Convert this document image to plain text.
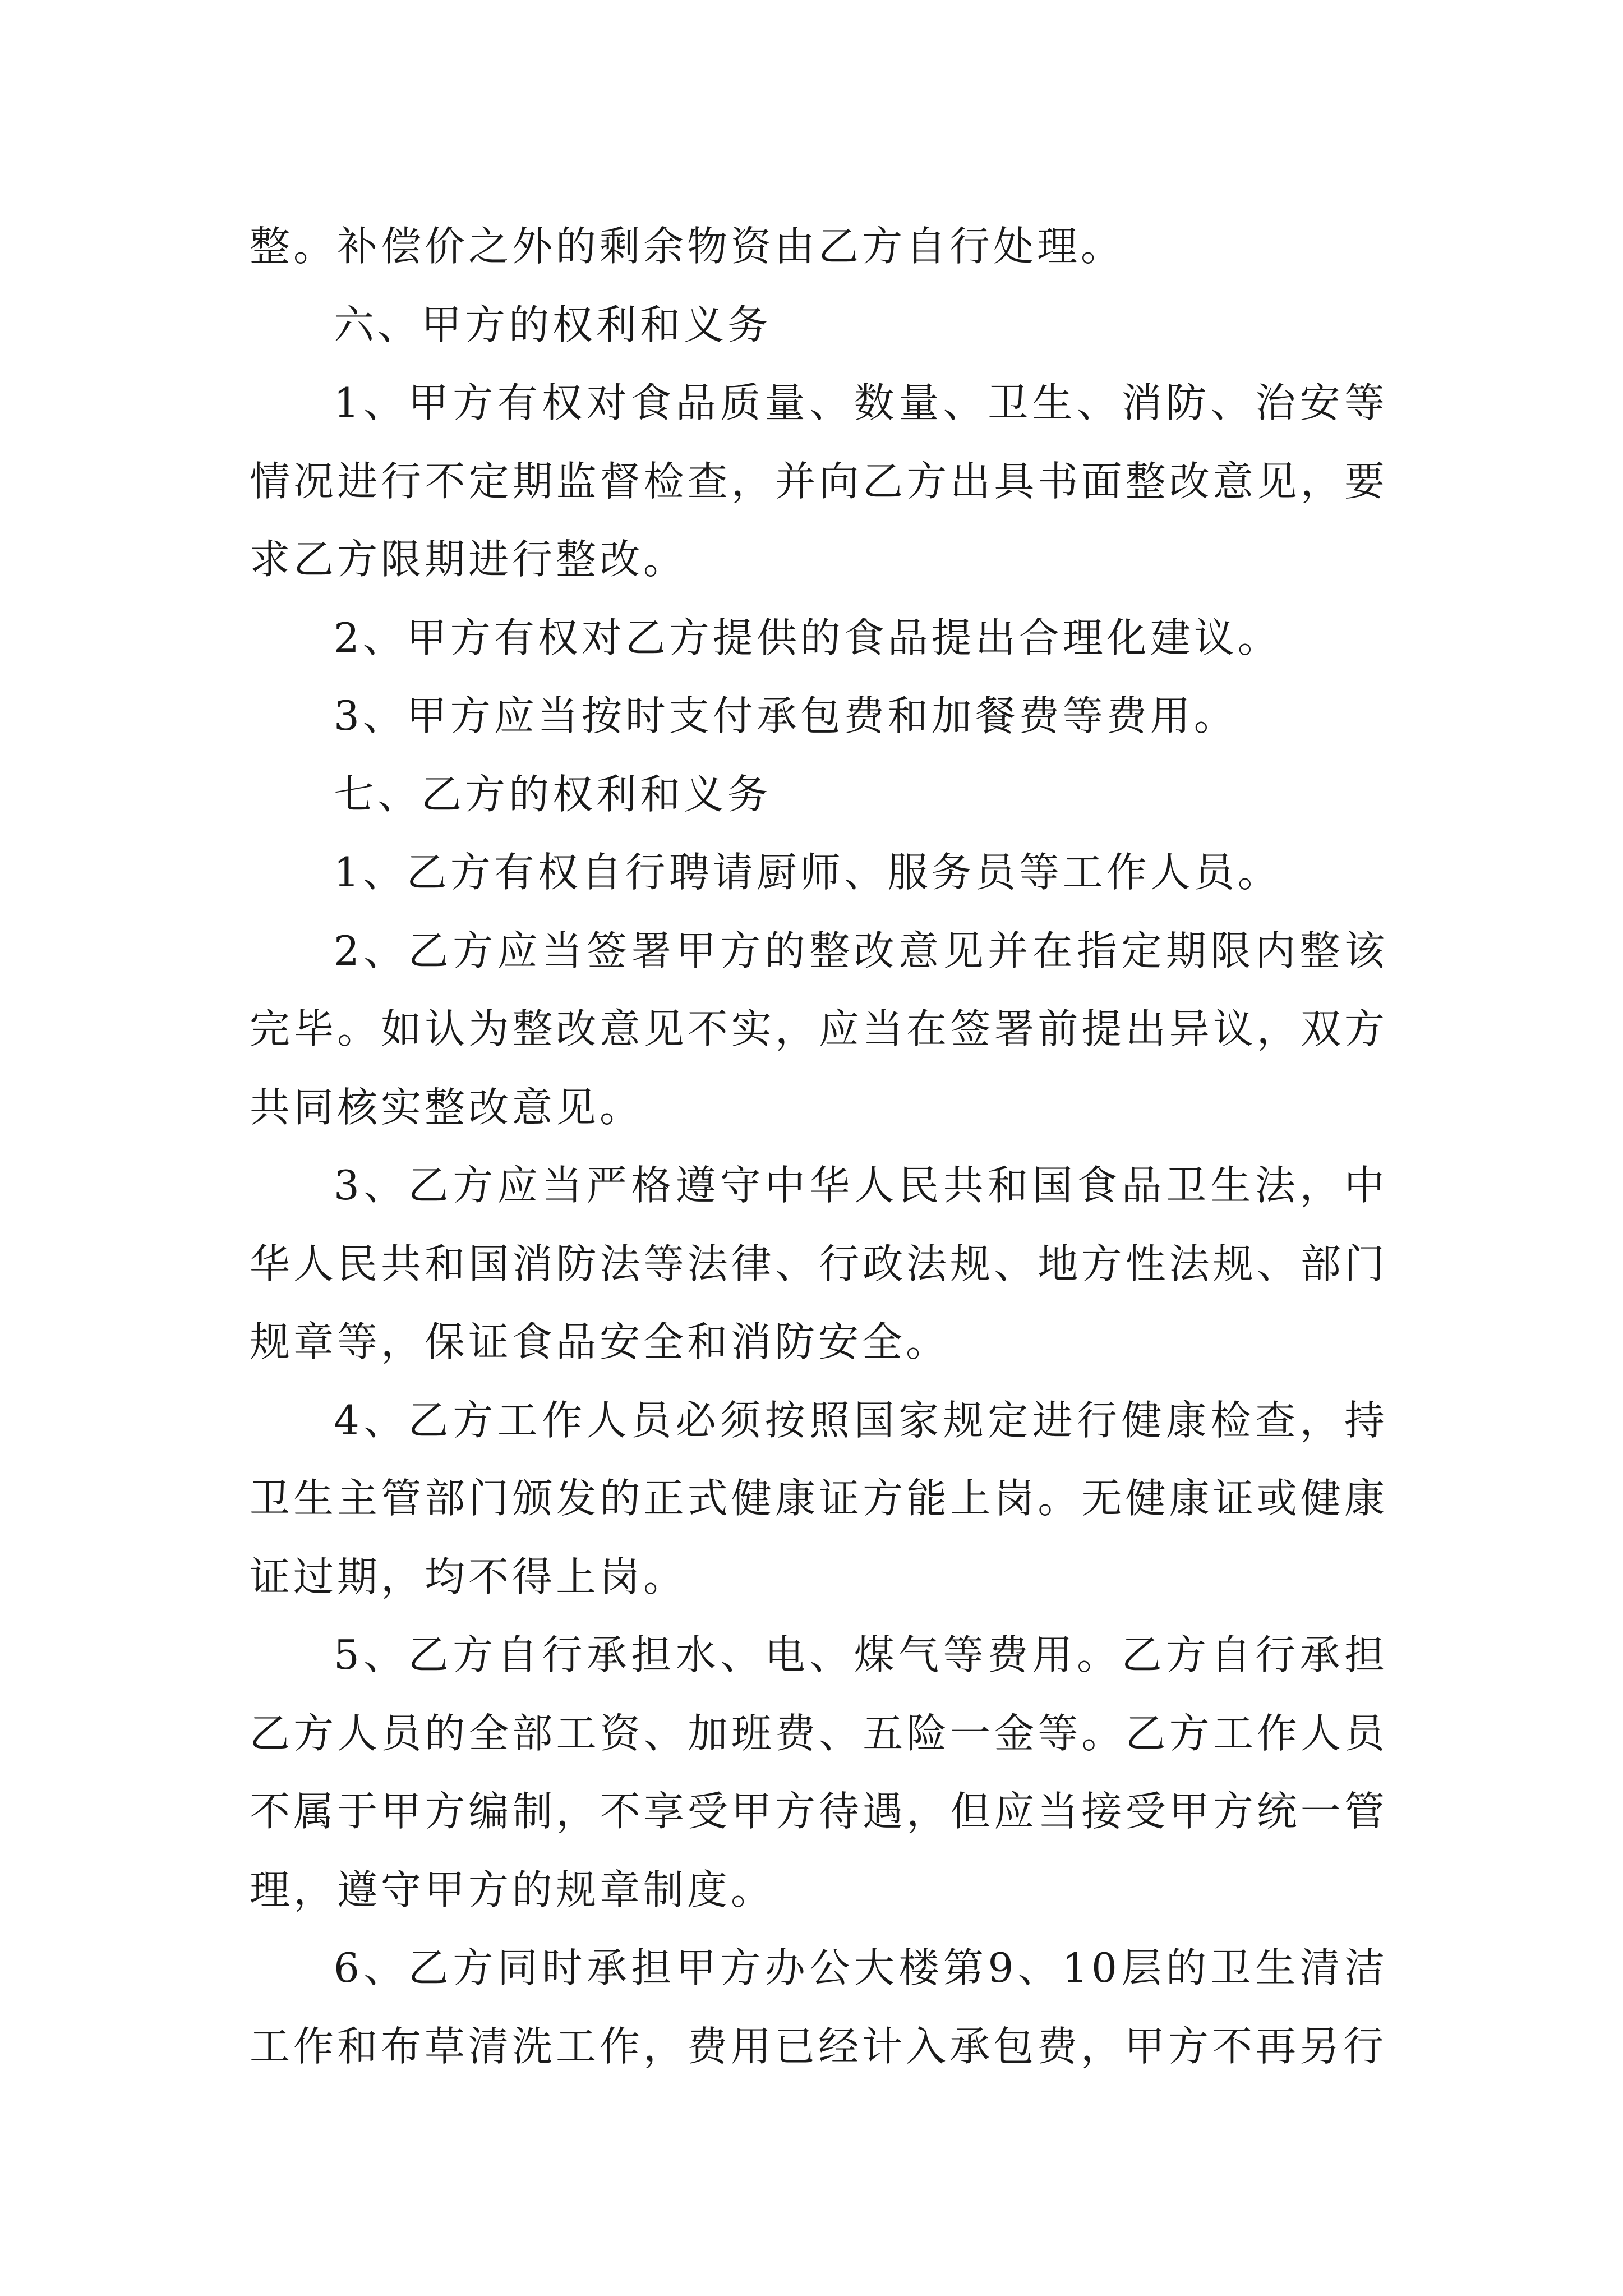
整。补偿价之外的剩余物资由乙方自行处理。

六、甲方的权利和义务

1、甲方有权对食品质量、数量、卫生、消防、治安等情况进行不定期监督检查，并向乙方出具书面整改意见，要求乙方限期进行整改。

2、甲方有权对乙方提供的食品提出合理化建议。

3、甲方应当按时支付承包费和加餐费等费用。

七、乙方的权利和义务

1、乙方有权自行聘请厨师、服务员等工作人员。

2、乙方应当签署甲方的整改意见并在指定期限内整该完毕。如认为整改意见不实，应当在签署前提出异议，双方共同核实整改意见。

3、乙方应当严格遵守中华人民共和国食品卫生法，中华人民共和国消防法等法律、行政法规、地方性法规、部门规章等，保证食品安全和消防安全。

4、乙方工作人员必须按照国家规定进行健康检查，持卫生主管部门颁发的正式健康证方能上岗。无健康证或健康证过期，均不得上岗。

5、乙方自行承担水、电、煤气等费用。乙方自行承担乙方人员的全部工资、加班费、五险一金等。乙方工作人员不属于甲方编制，不享受甲方待遇，但应当接受甲方统一管理，遵守甲方的规章制度。

6、乙方同时承担甲方办公大楼第9、10层的卫生清洁工作和布草清洗工作，费用已经计入承包费，甲方不再另行
